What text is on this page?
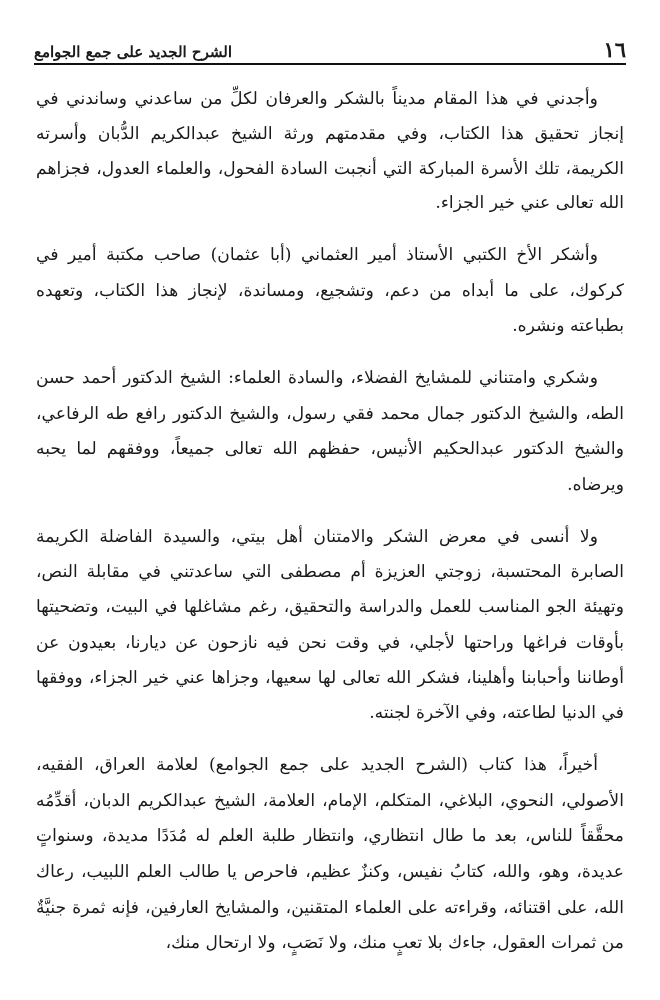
١٦
الشرح الجديد على جمع الجوامع

وأجدني في هذا المقام مديناً بالشكر والعرفان لكلِّ من ساعدني وساندني في إنجاز تحقيق هذا الكتاب، وفي مقدمتهم ورثة الشيخ عبدالكريم الدُّبان وأسرته الكريمة، تلك الأسرة المباركة التي أنجبت السادة الفحول، والعلماء العدول، فجزاهم الله تعالى عني خير الجزاء.

وأشكر الأخ الكتبي الأستاذ أمير العثماني (أبا عثمان) صاحب مكتبة أمير في كركوك، على ما أبداه من دعم، وتشجيع، ومساندة، لإنجاز هذا الكتاب، وتعهده بطباعته ونشره.

وشكري وامتناني للمشايخ الفضلاء، والسادة العلماء: الشيخ الدكتور أحمد حسن الطه، والشيخ الدكتور جمال محمد فقي رسول، والشيخ الدكتور رافع طه الرفاعي، والشيخ الدكتور عبدالحكيم الأنيس، حفظهم الله تعالى جميعاً، ووفقهم لما يحبه ويرضاه.

ولا أنسى في معرض الشكر والامتنان أهل بيتي، والسيدة الفاضلة الكريمة الصابرة المحتسبة، زوجتي العزيزة أم مصطفى التي ساعدتني في مقابلة النص، وتهيئة الجو المناسب للعمل والدراسة والتحقيق، رغم مشاغلها في البيت، وتضحيتها بأوقات فراغها وراحتها لأجلي، في وقت نحن فيه نازحون عن ديارنا، بعيدون عن أوطاننا وأحبابنا وأهلينا، فشكر الله تعالى لها سعيها، وجزاها عني خير الجزاء، ووفقها في الدنيا لطاعته، وفي الآخرة لجنته.

أخيراً، هذا كتاب (الشرح الجديد على جمع الجوامع) لعلامة العراق، الفقيه، الأصولي، النحوي، البلاغي، المتكلم، الإمام، العلامة، الشيخ عبدالكريم الدبان، أقدِّمُه محقَّقاً للناس، بعد ما طال انتظاري، وانتظار طلبة العلم له مُدَدًا مديدة، وسنواتٍ عديدة، وهو، والله، كتابُ نفيس، وكنزٌ عظيم، فاحرص يا طالب العلم اللبيب، رعاك الله، على اقتنائه، وقراءته على العلماء المتقنين، والمشايخ العارفين، فإنه ثمرة جنيَّةٌ من ثمرات العقول، جاءك بلا تعبٍ منك، ولا نَصَبٍ، ولا ارتحال منك،
